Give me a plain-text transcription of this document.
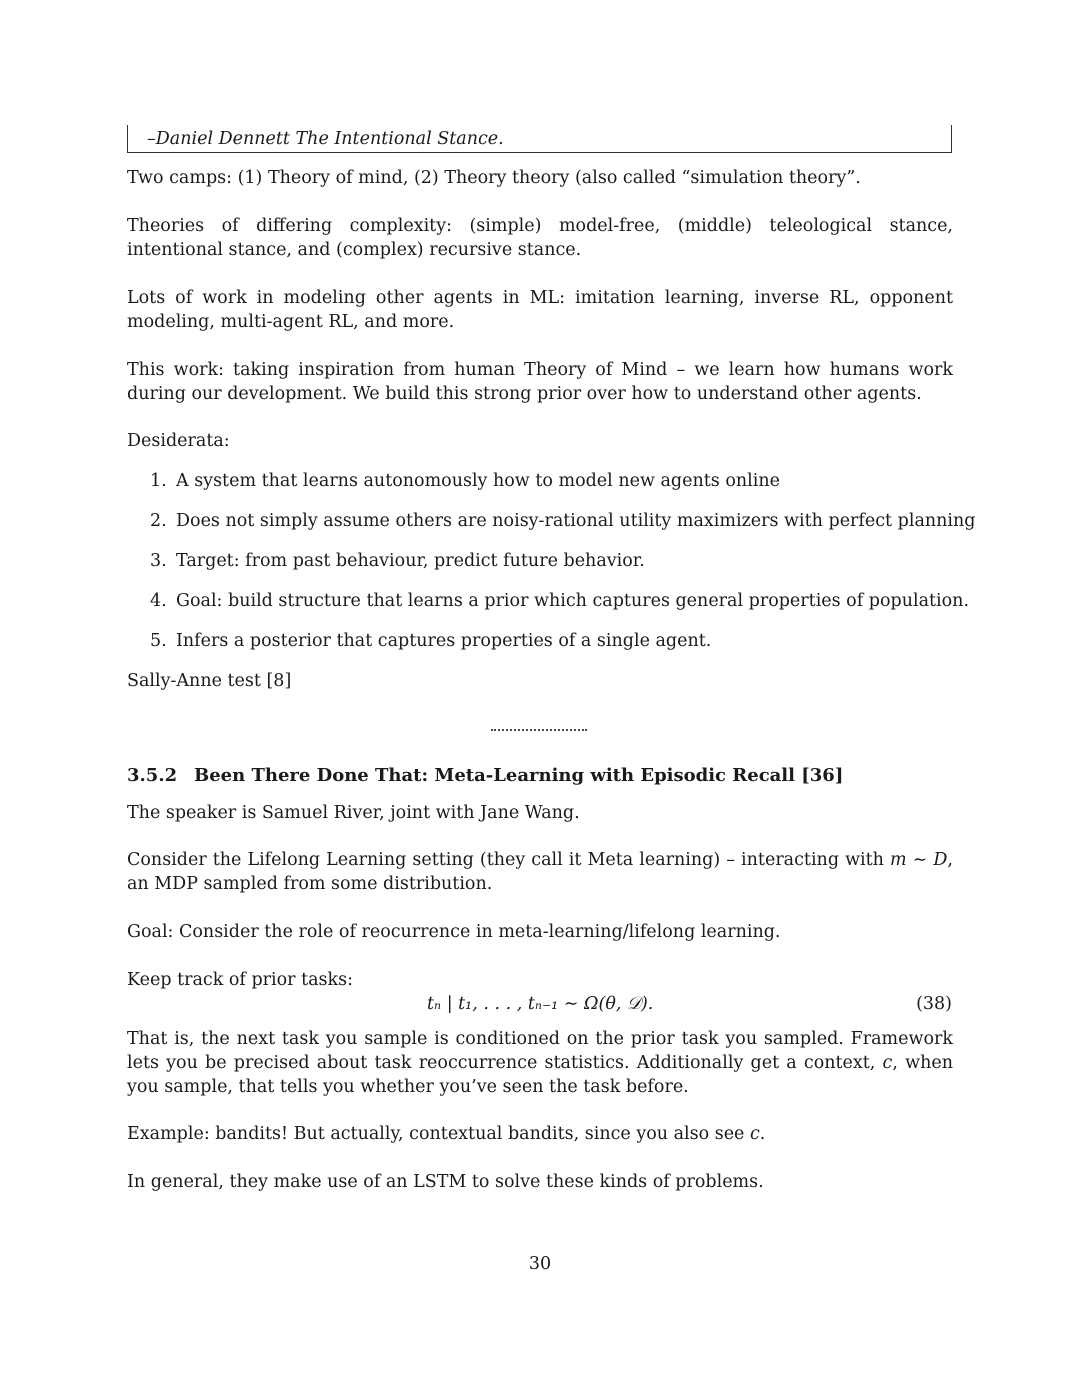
–Daniel Dennett The Intentional Stance.
Two camps: (1) Theory of mind, (2) Theory theory (also called “simulation theory”.
Theories of differing complexity: (simple) model-free, (middle) teleological stance, intentional stance, and (complex) recursive stance.
Lots of work in modeling other agents in ML: imitation learning, inverse RL, opponent modeling, multi-agent RL, and more.
This work: taking inspiration from human Theory of Mind – we learn how humans work during our development. We build this strong prior over how to understand other agents.
Desiderata:
1. A system that learns autonomously how to model new agents online
2. Does not simply assume others are noisy-rational utility maximizers with perfect planning
3. Target: from past behaviour, predict future behavior.
4. Goal: build structure that learns a prior which captures general properties of population.
5. Infers a posterior that captures properties of a single agent.
Sally-Anne test [8]
3.5.2 Been There Done That: Meta-Learning with Episodic Recall [36]
The speaker is Samuel River, joint with Jane Wang.
Consider the Lifelong Learning setting (they call it Meta learning) – interacting with m ∼ D, an MDP sampled from some distribution.
Goal: Consider the role of reocurrence in meta-learning/lifelong learning.
Keep track of prior tasks:
tₙ | t₁, . . . , tₙ₋₁ ∼ Ω(θ, 𝒟).	(38)
That is, the next task you sample is conditioned on the prior task you sampled. Framework lets you be precised about task reoccurrence statistics. Additionally get a context, c, when you sample, that tells you whether you’ve seen the task before.
Example: bandits! But actually, contextual bandits, since you also see c.
In general, they make use of an LSTM to solve these kinds of problems.
30
